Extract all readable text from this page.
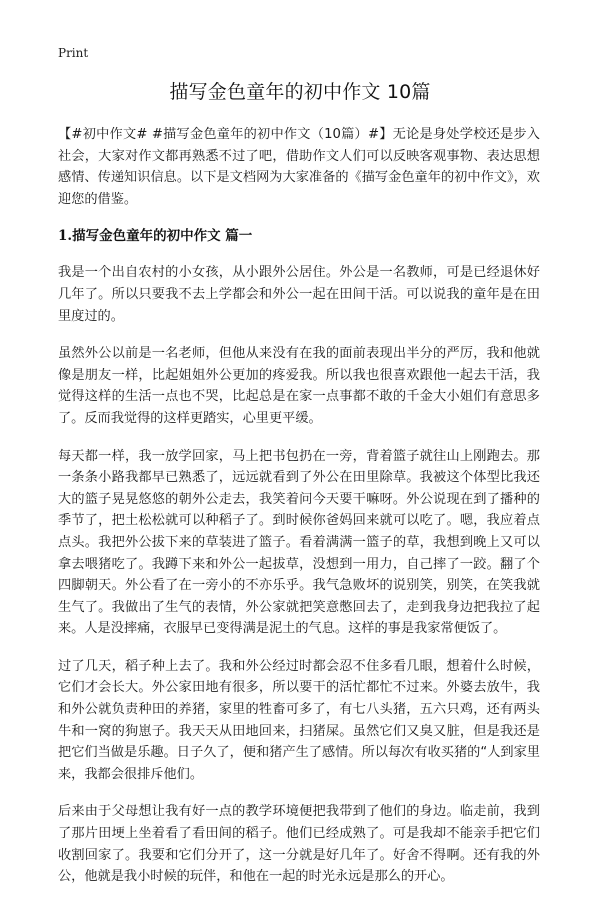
Print
描写金色童年的初中作文 10篇

【#初中作文# #描写金色童年的初中作文（10篇）#】无论是身处学校还是步入社会，大家对作文都再熟悉不过了吧，借助作文人们可以反映客观事物、表达思想感情、传递知识信息。以下是文档网为大家准备的《描写金色童年的初中作文》，欢迎您的借鉴。

1.描写金色童年的初中作文 篇一

我是一个出自农村的小女孩，从小跟外公居住。外公是一名教师，可是已经退休好几年了。所以只要我不去上学都会和外公一起在田间干活。可以说我的童年是在田里度过的。

虽然外公以前是一名老师，但他从来没有在我的面前表现出半分的严厉，我和他就像是朋友一样，比起姐姐外公更加的疼爱我。所以我也很喜欢跟他一起去干活，我觉得这样的生活一点也不哭，比起总是在家一点事都不敢的千金大小姐们有意思多了。反而我觉得的这样更踏实，心里更平缓。

每天都一样，我一放学回家，马上把书包扔在一旁，背着篮子就往山上刚跑去。那一条条小路我都早已熟悉了，远远就看到了外公在田里除草。我被这个体型比我还大的篮子晃晃悠悠的朝外公走去，我笑着问今天要干嘛呀。外公说现在到了播种的季节了，把土松松就可以种稻子了。到时候你爸妈回来就可以吃了。嗯，我应着点点头。我把外公拔下来的草装进了篮子。看着满满一篮子的草，我想到晚上又可以拿去喂猪吃了。我蹲下来和外公一起拔草，没想到一用力，自己摔了一跤。翻了个四脚朝天。外公看了在一旁小的不亦乐乎。我气急败坏的说别笑，别笑，在笑我就生气了。我做出了生气的表情，外公家就把笑意憋回去了，走到我身边把我拉了起来。人是没摔痛，衣服早已变得满是泥土的气息。这样的事是我家常便饭了。

过了几天，稻子种上去了。我和外公经过时都会忍不住多看几眼，想着什么时候，它们才会长大。外公家田地有很多，所以要干的活忙都忙不过来。外婆去放牛，我和外公就负责种田的养猪，家里的牲畜可多了，有七八头猪，五六只鸡，还有两头牛和一窝的狗崽子。我天天从田地回来，扫猪屎。虽然它们又臭又脏，但是我还是把它们当做是乐趣。日子久了，便和猪产生了感情。所以每次有收买猪的“人到家里来，我都会很排斥他们。

后来由于父母想让我有好一点的教学环境便把我带到了他们的身边。临走前，我到了那片田埂上坐着看了看田间的稻子。他们已经成熟了。可是我却不能亲手把它们收割回家了。我要和它们分开了，这一分就是好几年了。好舍不得啊。还有我的外公，他就是我小时候的玩伴，和他在一起的时光永远是那么的开心。
